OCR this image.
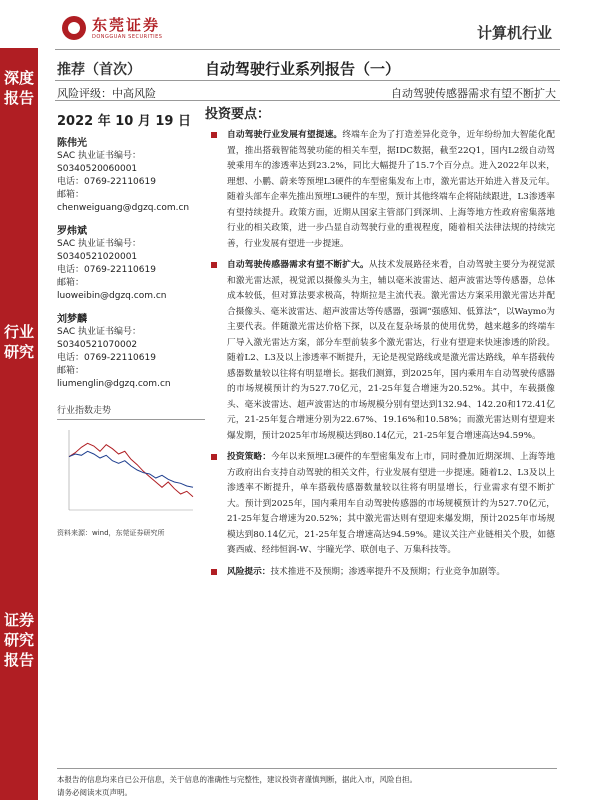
深度报告
行业研究
证券研究报告
东莞证券
DONGGUAN SECURITIES	计算机行业
推荐（首次）	自动驾驶行业系列报告（一）
风险评级：中高风险	自动驾驶传感器需求有望不断扩大
2022 年 10 月 19 日
陈伟光
SAC 执业证书编号：
S0340520060001
电话：0769-22110619
邮箱：
chenweiguang@dgzq.com.cn
罗炜斌
SAC 执业证书编号：
S0340521020001
电话：0769-22110619
邮箱：
luoweibin@dgzq.com.cn
刘梦麟
SAC 执业证书编号：
S0340521070002
电话：0769-22110619
邮箱：
liumenglin@dgzq.com.cn
行业指数走势
资料来源：wind，东莞证券研究所
投资要点：
自动驾驶行业发展有望提速。终端车企为了打造差异化竞争，近年纷纷加大智能化配置，推出搭载智能驾驶功能的相关车型，据IDC数据，截至22Q1，国内L2级自动驾驶乘用车的渗透率达到23.2%，同比大幅提升了15.7个百分点。进入2022年以来，理想、小鹏、蔚来等预埋L3硬件的车型密集发布上市，激光雷达开始进入普及元年。随着头部车企率先推出预埋L3硬件的车型，预计其他终端车企将陆续跟进，L3渗透率有望持续提升。政策方面，近期从国家主管部门到深圳、上海等地方性政府密集落地行业的相关政策，进一步凸显自动驾驶行业的重视程度，随着相关法律法规的持续完善，行业发展有望进一步提速。
自动驾驶传感器需求有望不断扩大。从技术发展路径来看，自动驾驶主要分为视觉派和激光雷达派，视觉派以摄像头为主，辅以毫米波雷达、超声波雷达等传感器，总体成本较低，但对算法要求极高，特斯拉是主流代表。激光雷达方案采用激光雷达并配合摄像头、毫米波雷达、超声波雷达等传感器，强调“强感知、低算法”，以Waymo为主要代表。伴随激光雷达价格下探，以及在复杂场景的使用优势，越来越多的终端车厂导入激光雷达方案，部分车型前装多个激光雷达，行业有望迎来快速渗透的阶段。随着L2、L3及以上渗透率不断提升，无论是视觉路线或是激光雷达路线，单车搭载传感器数量较以往将有明显增长。据我们测算，到2025年，国内乘用车自动驾驶传感器的市场规模预计约为527.70亿元，21-25年复合增速为20.52%。其中，车载摄像头、毫米波雷达、超声波雷达的市场规模分别有望达到132.94、142.20和172.41亿元，21-25年复合增速分别为22.67%、19.16%和10.58%；而激光雷达则有望迎来爆发期，预计2025年市场规模达到80.14亿元，21-25年复合增速高达94.59%。
投资策略：今年以来预埋L3硬件的车型密集发布上市，同时叠加近期深圳、上海等地方政府出台支持自动驾驶的相关文件，行业发展有望进一步提速。随着L2、L3及以上渗透率不断提升，单车搭载传感器数量较以往将有明显增长，行业需求有望不断扩大。预计到2025年，国内乘用车自动驾驶传感器的市场规模预计约为527.70亿元，21-25年复合增速为20.52%；其中激光雷达则有望迎来爆发期，预计2025年市场规模达到80.14亿元，21-25年复合增速高达94.59%。建议关注产业链相关个股，如德赛西威、经纬恒润-W、宇瞳光学、联创电子、万集科技等。
风险提示：技术推进不及预期；渗透率提升不及预期；行业竞争加剧等。
本报告的信息均来自已公开信息，关于信息的准确性与完整性，建议投资者谨慎判断，据此入市，风险自担。
请务必阅读末页声明。
